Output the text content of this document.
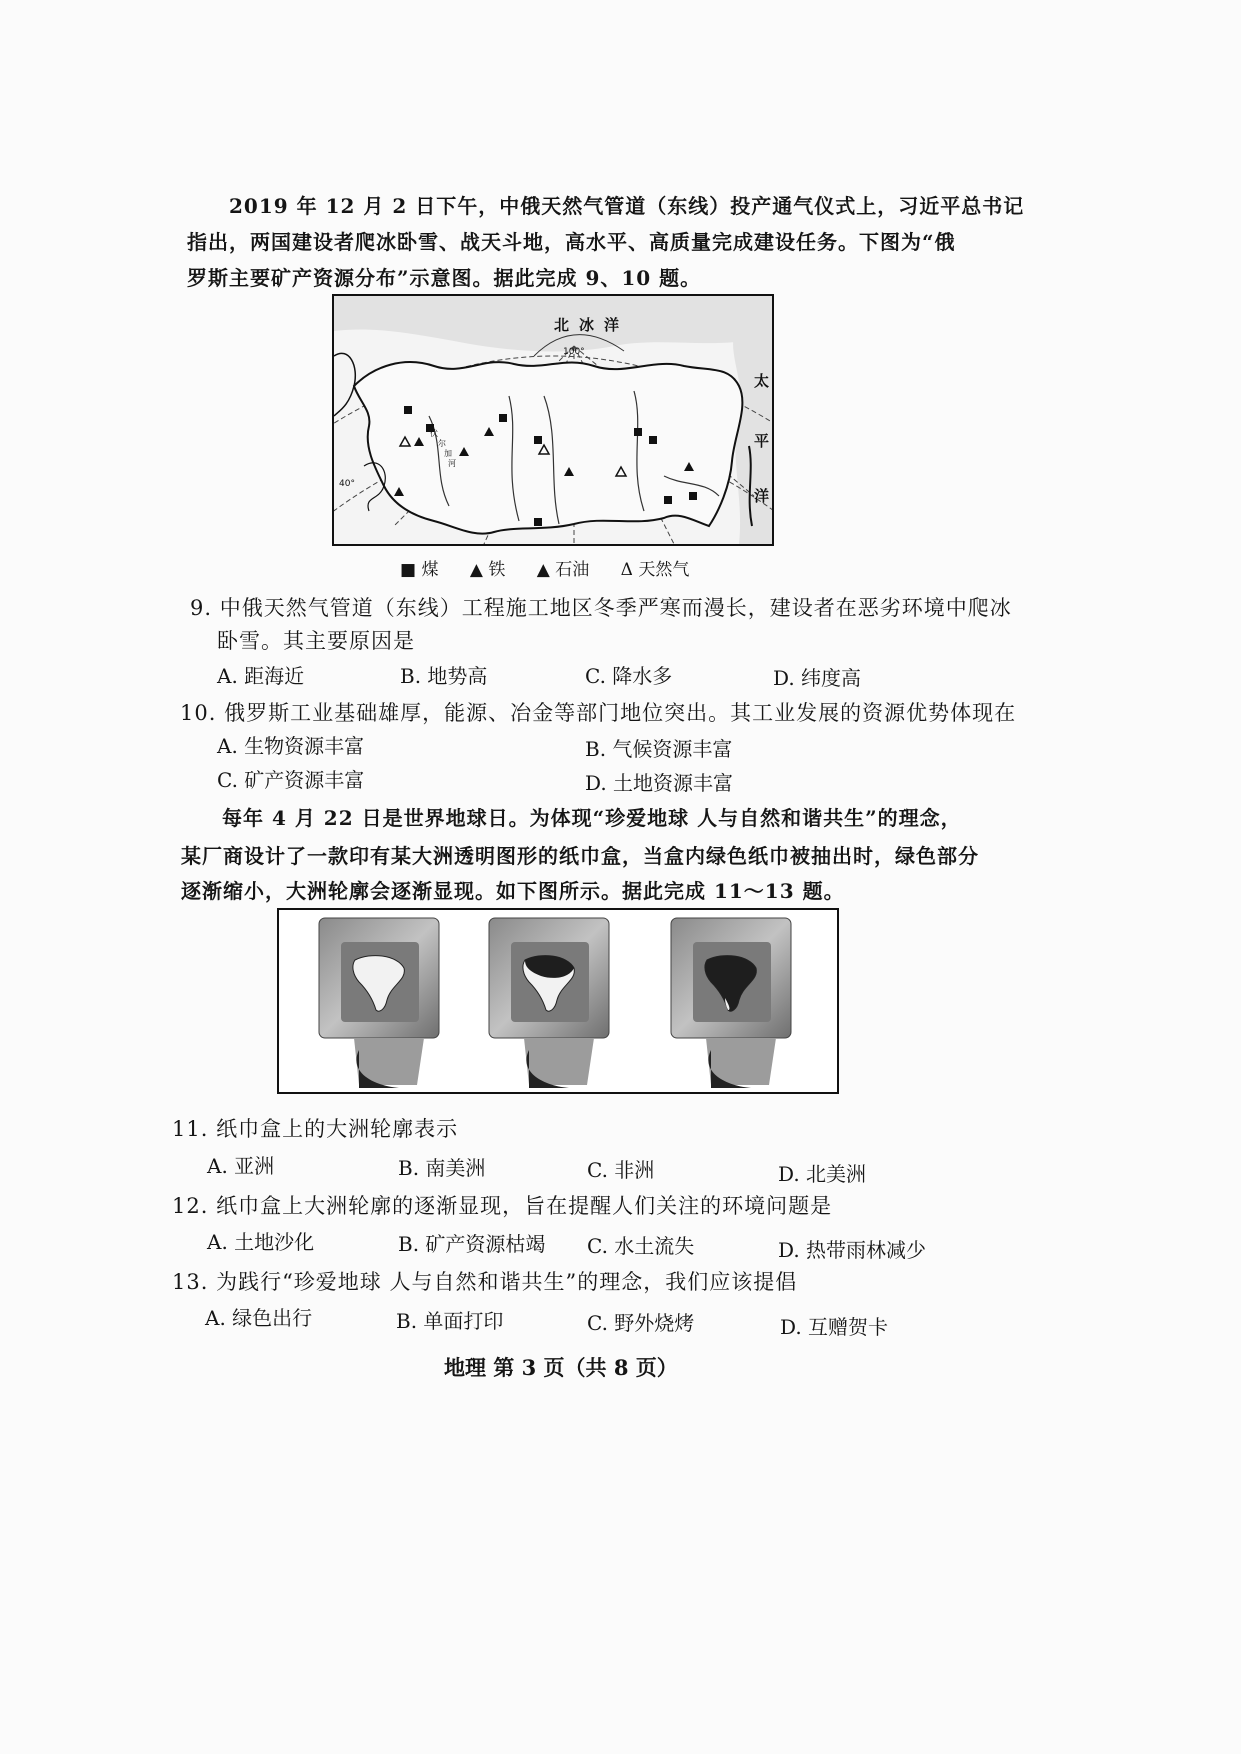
2019 年 12 月 2 日下午，中俄天然气管道（东线）投产通气仪式上，习近平总书记
指出，两国建设者爬冰卧雪、战天斗地，高水平、高质量完成建设任务。下图为“俄
罗斯主要矿产资源分布”示意图。据此完成 9、10 题。
北 冰 洋
100°
太
平
洋
伏
尔
加
河
40°
■ 煤 ▲ 铁 ▲ 石油 Δ 天然气
9. 中俄天然气管道（东线）工程施工地区冬季严寒而漫长，建设者在恶劣环境中爬冰
卧雪。其主要原因是
A. 距海近	B. 地势高	C. 降水多	D. 纬度高
10. 俄罗斯工业基础雄厚，能源、冶金等部门地位突出。其工业发展的资源优势体现在
A. 生物资源丰富	B. 气候资源丰富
C. 矿产资源丰富	D. 土地资源丰富
每年 4 月 22 日是世界地球日。为体现“珍爱地球 人与自然和谐共生”的理念，
某厂商设计了一款印有某大洲透明图形的纸巾盒，当盒内绿色纸巾被抽出时，绿色部分
逐渐缩小，大洲轮廓会逐渐显现。如下图所示。据此完成 11～13 题。
11. 纸巾盒上的大洲轮廓表示
A. 亚洲	B. 南美洲	C. 非洲	D. 北美洲
12. 纸巾盒上大洲轮廓的逐渐显现，旨在提醒人们关注的环境问题是
A. 土地沙化	B. 矿产资源枯竭 C. 水土流失	D. 热带雨林减少
13. 为践行“珍爱地球 人与自然和谐共生”的理念，我们应该提倡
A. 绿色出行	B. 单面打印	C. 野外烧烤	D. 互赠贺卡
地理 第 3 页（共 8 页）
